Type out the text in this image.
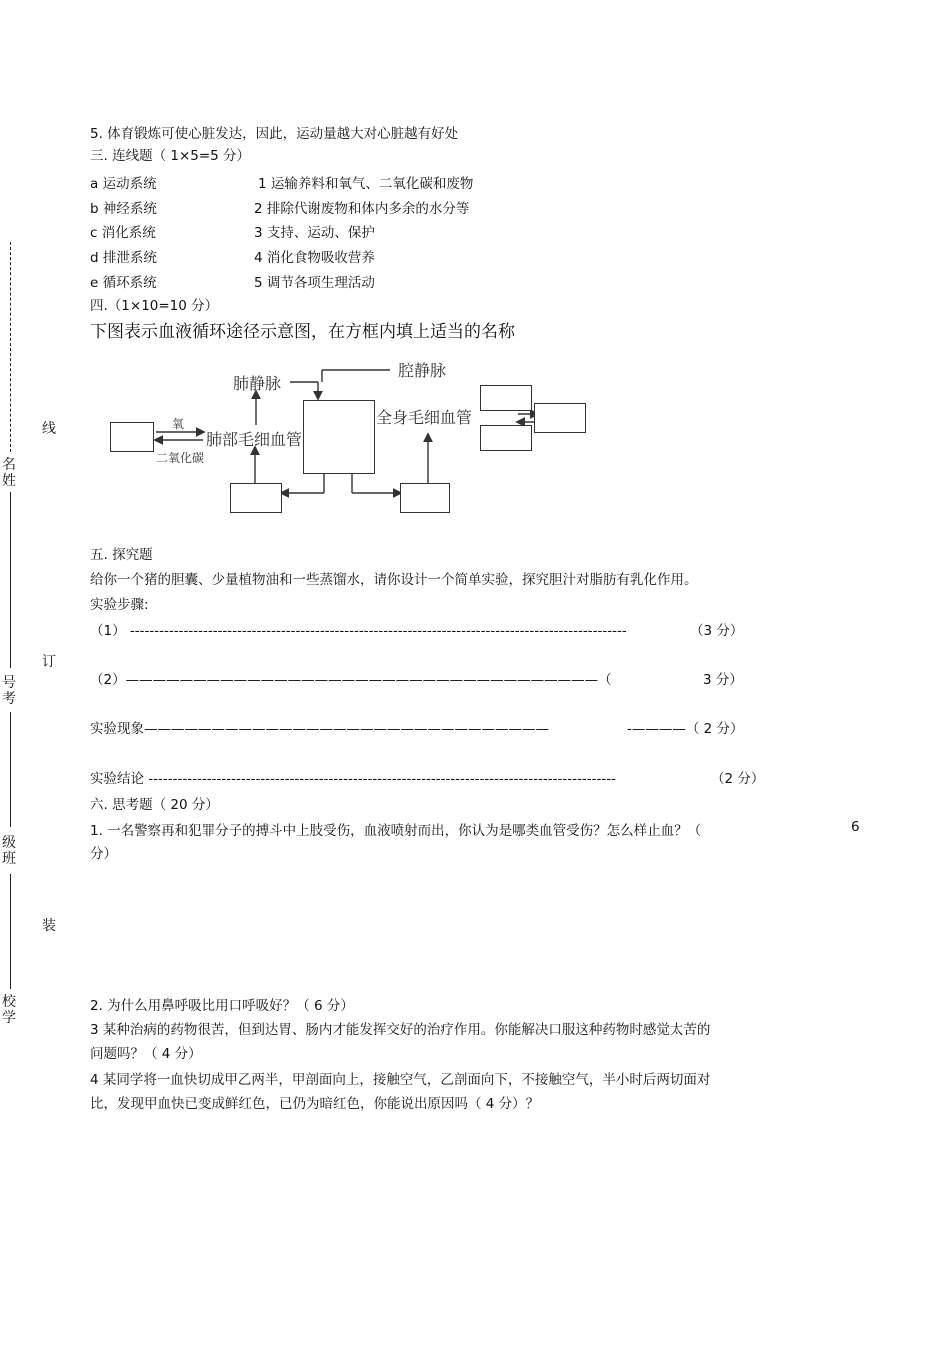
线
名
姓
订
号
考
级
班
装
校
学
5. 体育锻炼可使心脏发达，因此，运动量越大对心脏越有好处
三. 连线题（ 1×5=5 分）
a 运动系统	1 运输养料和氧气、二氧化碳和废物
b 神经系统	2 排除代谢废物和体内多余的水分等
c 消化系统	3 支持、运动、保护
d 排泄系统	4 消化食物吸收营养
e 循环系统	5 调节各项生理活动
四.（1×10=10 分）
下图表示血液循环途径示意图，在方框内填上适当的名称
肺静脉
腔静脉
全身毛细血管
肺部毛细血管
氧
二氧化碳
五. 探究题
给你一个猪的胆囊、少量植物油和一些蒸馏水，请你设计一个简单实验，探究胆汁对脂肪有乳化作用。
实验步骤:
（1） ------------------------------------------------------------------------------------------------------	（3 分）
（2）———————————————————————————————————（	3 分）
实验现象——————————————————————————————	-————（ 2 分）
实验结论 ------------------------------------------------------------------------------------------------	（2 分）
六. 思考题（ 20 分）
1. 一名警察再和犯罪分子的搏斗中上肢受伤，血液喷射而出，你认为是哪类血管受伤？怎么样止血？（	6
分）
2. 为什么用鼻呼吸比用口呼吸好？（ 6 分）
3 某种治病的药物很苦，但到达胃、肠内才能发挥交好的治疗作用。你能解决口服这种药物时感觉太苦的
问题吗？（ 4 分）
4 某同学将一血快切成甲乙两半，甲剖面向上，接触空气，乙剖面向下，不接触空气，半小时后两切面对
比，发现甲血快已变成鲜红色，已仍为暗红色，你能说出原因吗（ 4 分）？
